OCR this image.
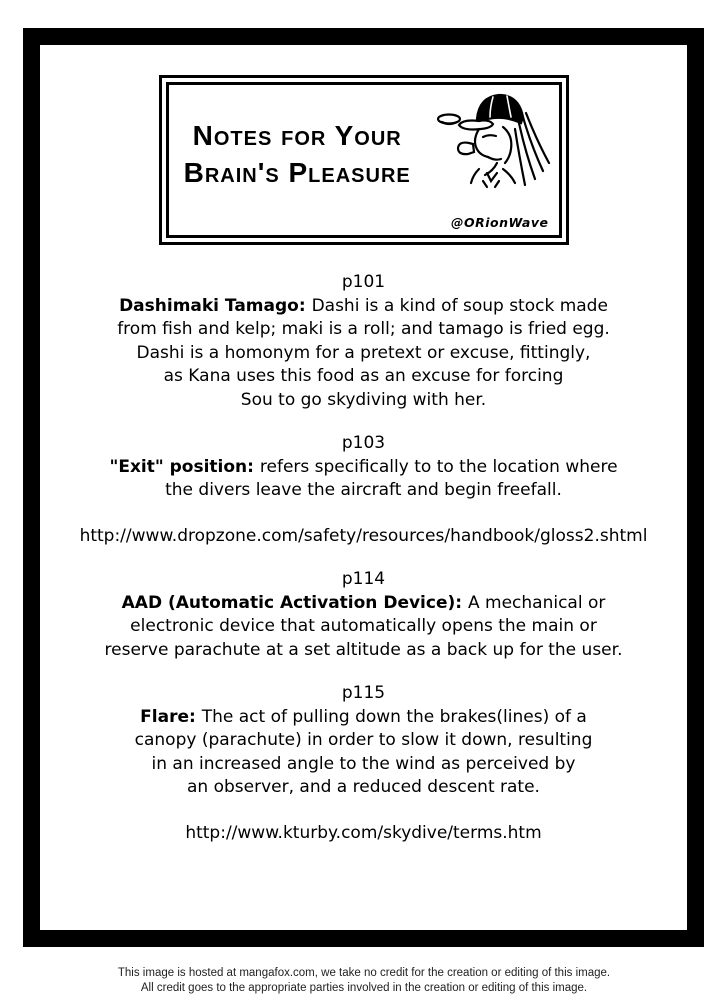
Notes for Your
Brain's Pleasure
@ORionWave
p101
Dashimaki Tamago: Dashi is a kind of soup stock made
from fish and kelp; maki is a roll; and tamago is fried egg.
Dashi is a homonym for a pretext or excuse, fittingly,
as Kana uses this food as an excuse for forcing
Sou to go skydiving with her.
p103
"Exit" position: refers specifically to to the location where
the divers leave the aircraft and begin freefall.
http://www.dropzone.com/safety/resources/handbook/gloss2.shtml
p114
AAD (Automatic Activation Device): A mechanical or
electronic device that automatically opens the main or
reserve parachute at a set altitude as a back up for the user.
p115
Flare: The act of pulling down the brakes(lines) of a
canopy (parachute) in order to slow it down, resulting
in an increased angle to the wind as perceived by
an observer, and a reduced descent rate.
http://www.kturby.com/skydive/terms.htm
This image is hosted at mangafox.com, we take no credit for the creation or editing of this image.
All credit goes to the appropriate parties involved in the creation or editing of this image.
